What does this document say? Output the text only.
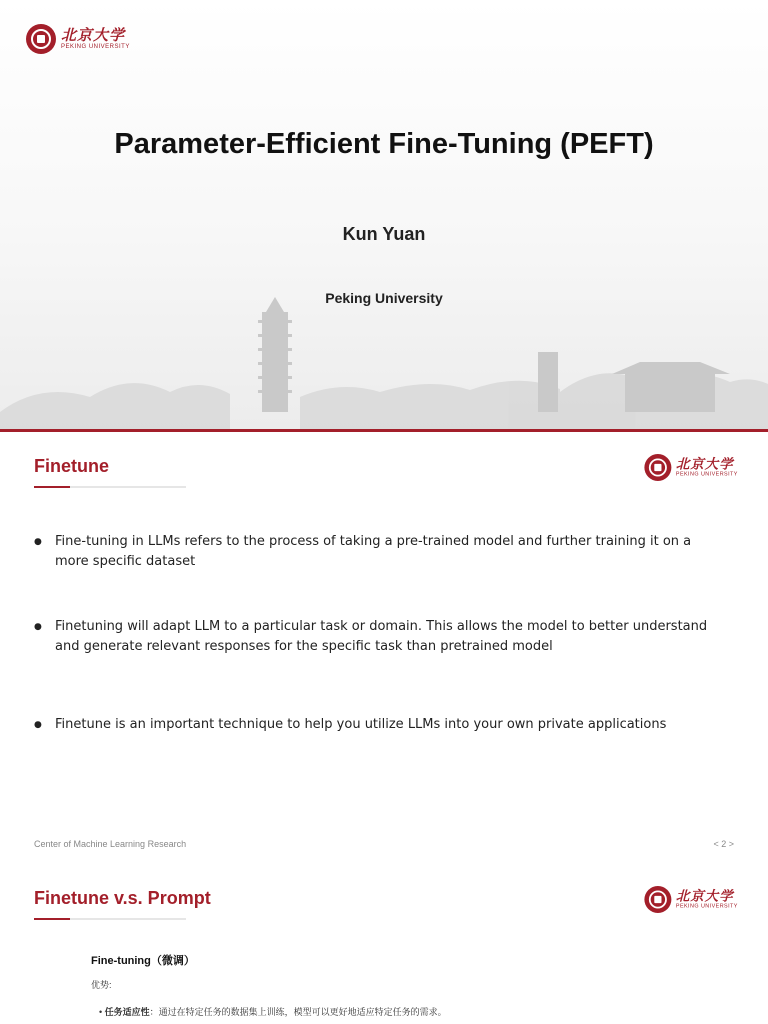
北京大学
PEKING UNIVERSITY
Parameter-Efficient Fine-Tuning (PEFT)
Kun Yuan
Peking University
Finetune	北京大学
PEKING UNIVERSITY
● Fine-tuning in LLMs refers to the process of taking a pre-trained model and further training it on a more specific dataset
● Finetuning will adapt LLM to a particular task or domain. This allows the model to better understand and generate relevant responses for the specific task than pretrained model
● Finetune is an important technique to help you utilize LLMs into your own private applications
Center of Machine Learning Research	< 2 >
Finetune v.s. Prompt	北京大学
PEKING UNIVERSITY
Fine-tuning（微调）
优势:
• 任务适应性：通过在特定任务的数据集上训练，模型可以更好地适应特定任务的需求。
